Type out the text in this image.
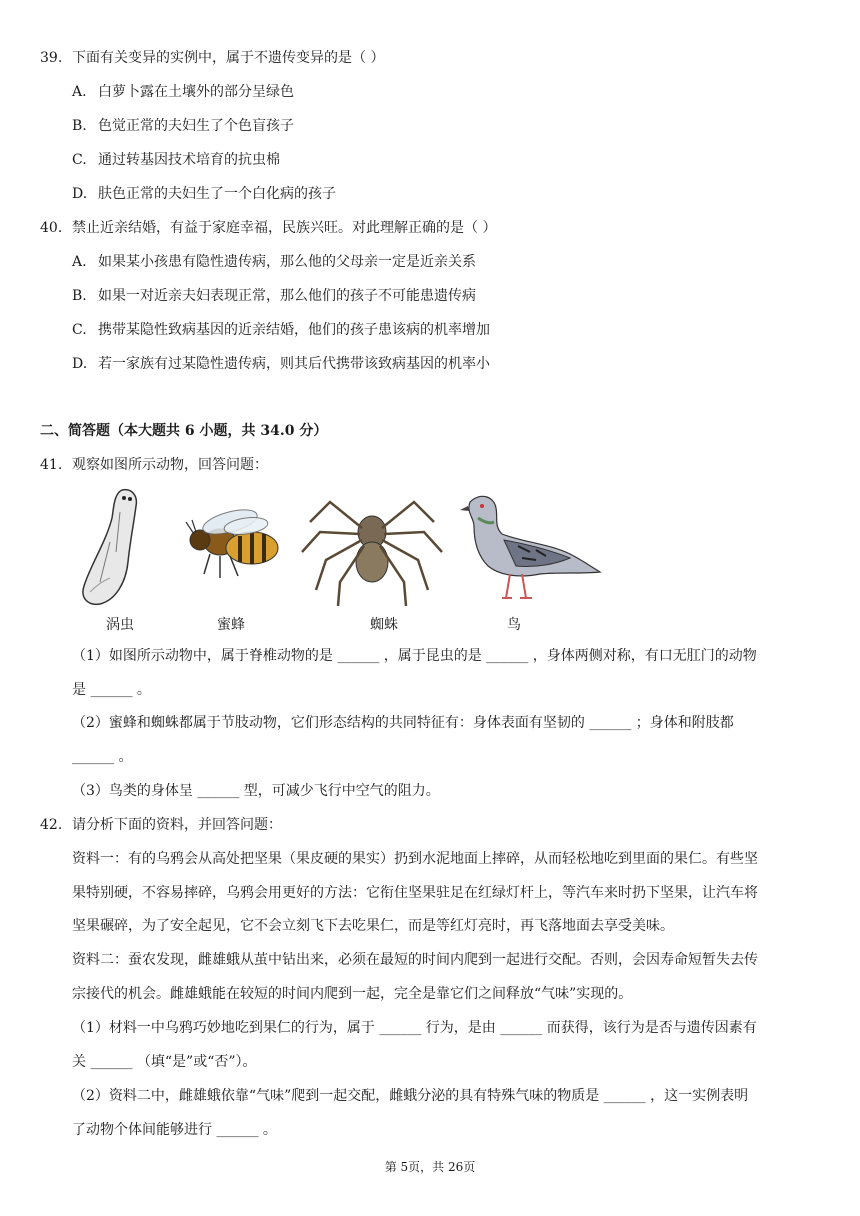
39. 下面有关变异的实例中，属于不遗传变异的是（ ）
A. 白萝卜露在土壤外的部分呈绿色
B. 色觉正常的夫妇生了个色盲孩子
C. 通过转基因技术培育的抗虫棉
D. 肤色正常的夫妇生了一个白化病的孩子
40. 禁止近亲结婚，有益于家庭幸福，民族兴旺。对此理解正确的是（ ）
A. 如果某小孩患有隐性遗传病，那么他的父母亲一定是近亲关系
B. 如果一对近亲夫妇表现正常，那么他们的孩子不可能患遗传病
C. 携带某隐性致病基因的近亲结婚，他们的孩子患该病的机率增加
D. 若一家族有过某隐性遗传病，则其后代携带该致病基因的机率小
二、简答题（本大题共 6 小题，共 34.0 分）
41. 观察如图所示动物，回答问题：
涡虫	蜜蜂	蜘蛛	鸟
（1）如图所示动物中，属于脊椎动物的是 ______ ，属于昆虫的是 ______ ，身体两侧对称，有口无肛门的动物
是 ______ 。
（2）蜜蜂和蜘蛛都属于节肢动物，它们形态结构的共同特征有：身体表面有坚韧的 ______ ；身体和附肢都
______ 。
（3）鸟类的身体呈 ______ 型，可减少飞行中空气的阻力。
42. 请分析下面的资料，并回答问题：
资料一：有的乌鸦会从高处把坚果（果皮硬的果实）扔到水泥地面上摔碎，从而轻松地吃到里面的果仁。有些坚
果特别硬，不容易摔碎，乌鸦会用更好的方法：它衔住坚果驻足在红绿灯杆上，等汽车来时扔下坚果，让汽车将
坚果碾碎，为了安全起见，它不会立刻飞下去吃果仁，而是等红灯亮时，再飞落地面去享受美味。
资料二：蚕农发现，雌雄蛾从茧中钻出来，必须在最短的时间内爬到一起进行交配。否则，会因寿命短暂失去传
宗接代的机会。雌雄蛾能在较短的时间内爬到一起，完全是靠它们之间释放“气味”实现的。
（1）材料一中乌鸦巧妙地吃到果仁的行为，属于 ______ 行为，是由 ______ 而获得，该行为是否与遗传因素有
关 ______ （填“是”或“否”）。
（2）资料二中，雌雄蛾依靠“气味”爬到一起交配，雌蛾分泌的具有特殊气味的物质是 ______ ，这一实例表明
了动物个体间能够进行 ______ 。
第 5页，共 26页
